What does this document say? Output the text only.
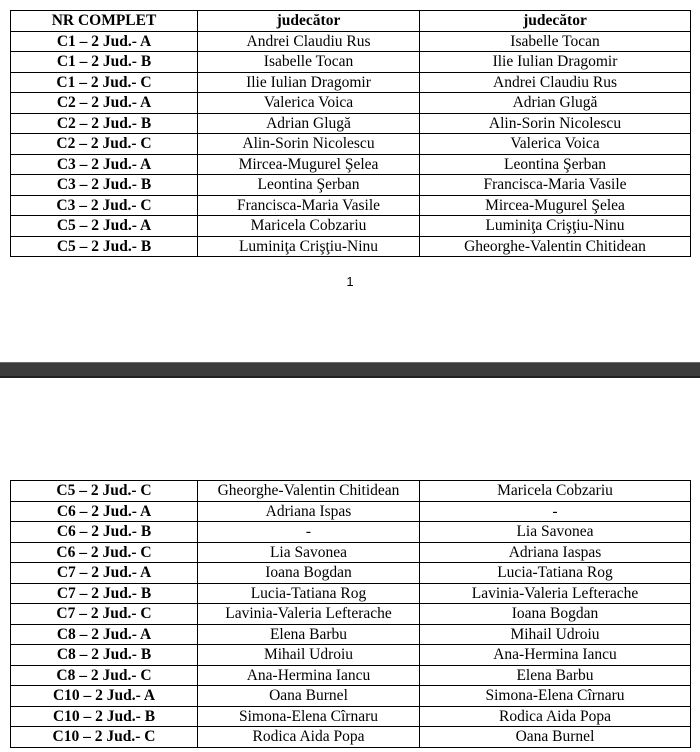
NR COMPLET	judecător	judecător
C1 – 2 Jud.- A	Andrei Claudiu Rus	Isabelle Tocan
C1 – 2 Jud.- B	Isabelle Tocan	Ilie Iulian Dragomir
C1 – 2 Jud.- C	Ilie Iulian Dragomir	Andrei Claudiu Rus
C2 – 2 Jud.- A	Valerica Voica	Adrian Glugă
C2 – 2 Jud.- B	Adrian Glugă	Alin-Sorin Nicolescu
C2 – 2 Jud.- C	Alin-Sorin Nicolescu	Valerica Voica
C3 – 2 Jud.- A	Mircea-Mugurel Şelea	Leontina Şerban
C3 – 2 Jud.- B	Leontina Şerban	Francisca-Maria Vasile
C3 – 2 Jud.- C	Francisca-Maria Vasile	Mircea-Mugurel Şelea
C5 – 2 Jud.- A	Maricela Cobzariu	Luminiţa Crişţiu-Ninu
C5 – 2 Jud.- B	Luminiţa Crişţiu-Ninu	Gheorghe-Valentin Chitidean
1
C5 – 2 Jud.- C	Gheorghe-Valentin Chitidean	Maricela Cobzariu
C6 – 2 Jud.- A	Adriana Ispas	-
C6 – 2 Jud.- B	-	Lia Savonea
C6 – 2 Jud.- C	Lia Savonea	Adriana Iaspas
C7 – 2 Jud.- A	Ioana Bogdan	Lucia-Tatiana Rog
C7 – 2 Jud.- B	Lucia-Tatiana Rog	Lavinia-Valeria Lefterache
C7 – 2 Jud.- C	Lavinia-Valeria Lefterache	Ioana Bogdan
C8 – 2 Jud.- A	Elena Barbu	Mihail Udroiu
C8 – 2 Jud.- B	Mihail Udroiu	Ana-Hermina Iancu
C8 – 2 Jud.- C	Ana-Hermina Iancu	Elena Barbu
C10 – 2 Jud.- A	Oana Burnel	Simona-Elena Cîrnaru
C10 – 2 Jud.- B	Simona-Elena Cîrnaru	Rodica Aida Popa
C10 – 2 Jud.- C	Rodica Aida Popa	Oana Burnel
